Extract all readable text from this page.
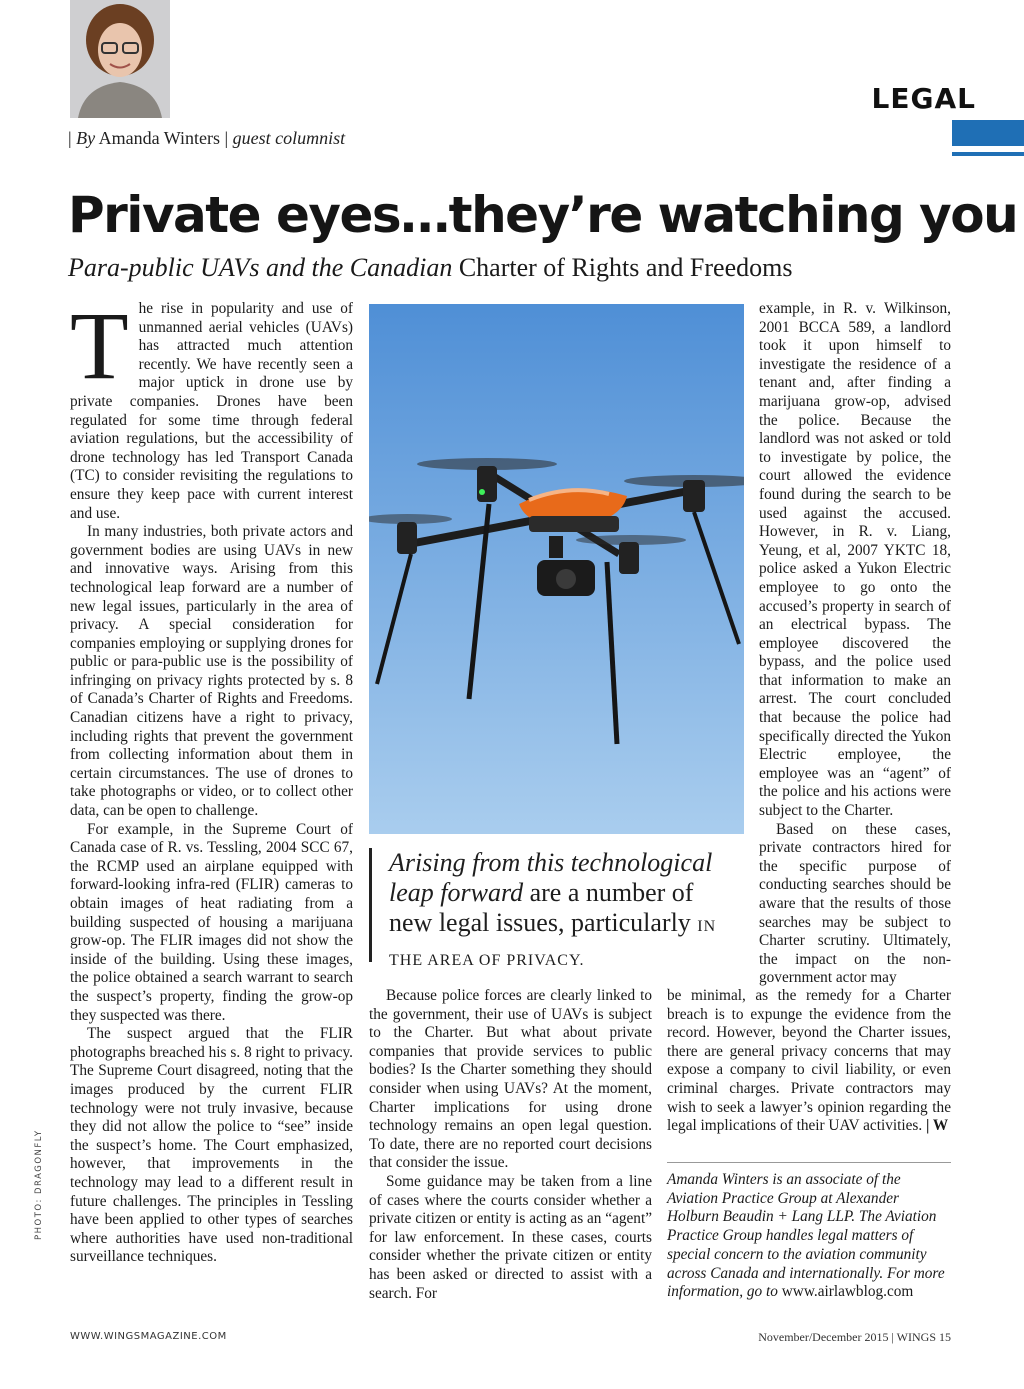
| By Amanda Winters | guest columnist
LEGAL
Private eyes…they’re watching you
Para-public UAVs and the Canadian Charter of Rights and Freedoms
T he rise in popularity and use of unmanned aerial vehicles (UAVs) has attracted much attention recently. We have recently seen a major uptick in drone use by private companies. Drones have been regulated for some time through federal aviation regulations, but the accessibility of drone technology has led Transport Canada (TC) to consider revisiting the regulations to ensure they keep pace with current interest and use.

In many industries, both private actors and government bodies are using UAVs in new and innovative ways. Arising from this technological leap forward are a number of new legal issues, particularly in the area of privacy. A special consideration for companies employing or supplying drones for public or para-public use is the possibility of infringing on privacy rights protected by s. 8 of Canada’s Charter of Rights and Freedoms. Canadian citizens have a right to privacy, including rights that prevent the government from collecting information about them in certain circumstances. The use of drones to take photographs or video, or to collect other data, can be open to challenge.

For example, in the Supreme Court of Canada case of R. vs. Tessling, 2004 SCC 67, the RCMP used an airplane equipped with forward-looking infra-red (FLIR) cameras to obtain images of heat radiating from a building suspected of housing a marijuana grow-op. The FLIR images did not show the inside of the building. Using these images, the police obtained a search warrant to search the suspect’s property, finding the grow-op they suspected was there.

The suspect argued that the FLIR photographs breached his s. 8 right to privacy. The Supreme Court disagreed, noting that the images produced by the current FLIR technology were not truly invasive, because they did not allow the police to “see” inside the suspect’s home. The Court emphasized, however, that improvements in the technology may lead to a different result in future challenges. The principles in Tessling have been applied to other types of searches where authorities have used non-traditional surveillance techniques.

Arising from this technological leap forward are a number of new legal issues, particularly IN THE AREA OF PRIVACY.

Because police forces are clearly linked to the government, their use of UAVs is subject to the Charter. But what about private companies that provide services to public bodies? Is the Charter something they should consider when using UAVs? At the moment, Charter implications for using drone technology remains an open legal question. To date, there are no reported court decisions that consider the issue.

Some guidance may be taken from a line of cases where the courts consider whether a private citizen or entity is acting as an “agent” for law enforcement. In these cases, courts consider whether the private citizen or entity has been asked or directed to assist with a search. For

example, in R. v. Wilkinson, 2001 BCCA 589, a landlord took it upon himself to investigate the residence of a tenant and, after finding a marijuana grow-op, advised the police. Because the landlord was not asked or told to investigate by police, the court allowed the evidence found during the search to be used against the accused. However, in R. v. Liang, Yeung, et al, 2007 YKTC 18, police asked a Yukon Electric employee to go onto the accused’s property in search of an electrical bypass. The employee discovered the bypass, and the police used that information to make an arrest. The court concluded that because the police had specifically directed the Yukon Electric employee, the employee was an “agent” of the police and his actions were subject to the Charter.

Based on these cases, private contractors hired for the specific purpose of conducting searches should be aware that the results of those searches may be subject to Charter scrutiny. Ultimately, the impact on the non-government actor may

be minimal, as the remedy for a Charter breach is to expunge the evidence from the record. However, beyond the Charter issues, there are general privacy concerns that may expose a company to civil liability, or even criminal charges. Private contractors may wish to seek a lawyer’s opinion regarding the legal implications of their UAV activities. | W

Amanda Winters is an associate of the Aviation Practice Group at Alexander Holburn Beaudin + Lang LLP. The Aviation Practice Group handles legal matters of special concern to the aviation community across Canada and internationally. For more information, go to www.airlawblog.com
PHOTO: DRAGONFLY
WWW.WINGSMAGAZINE.COM	November/December 2015 | WINGS 15
